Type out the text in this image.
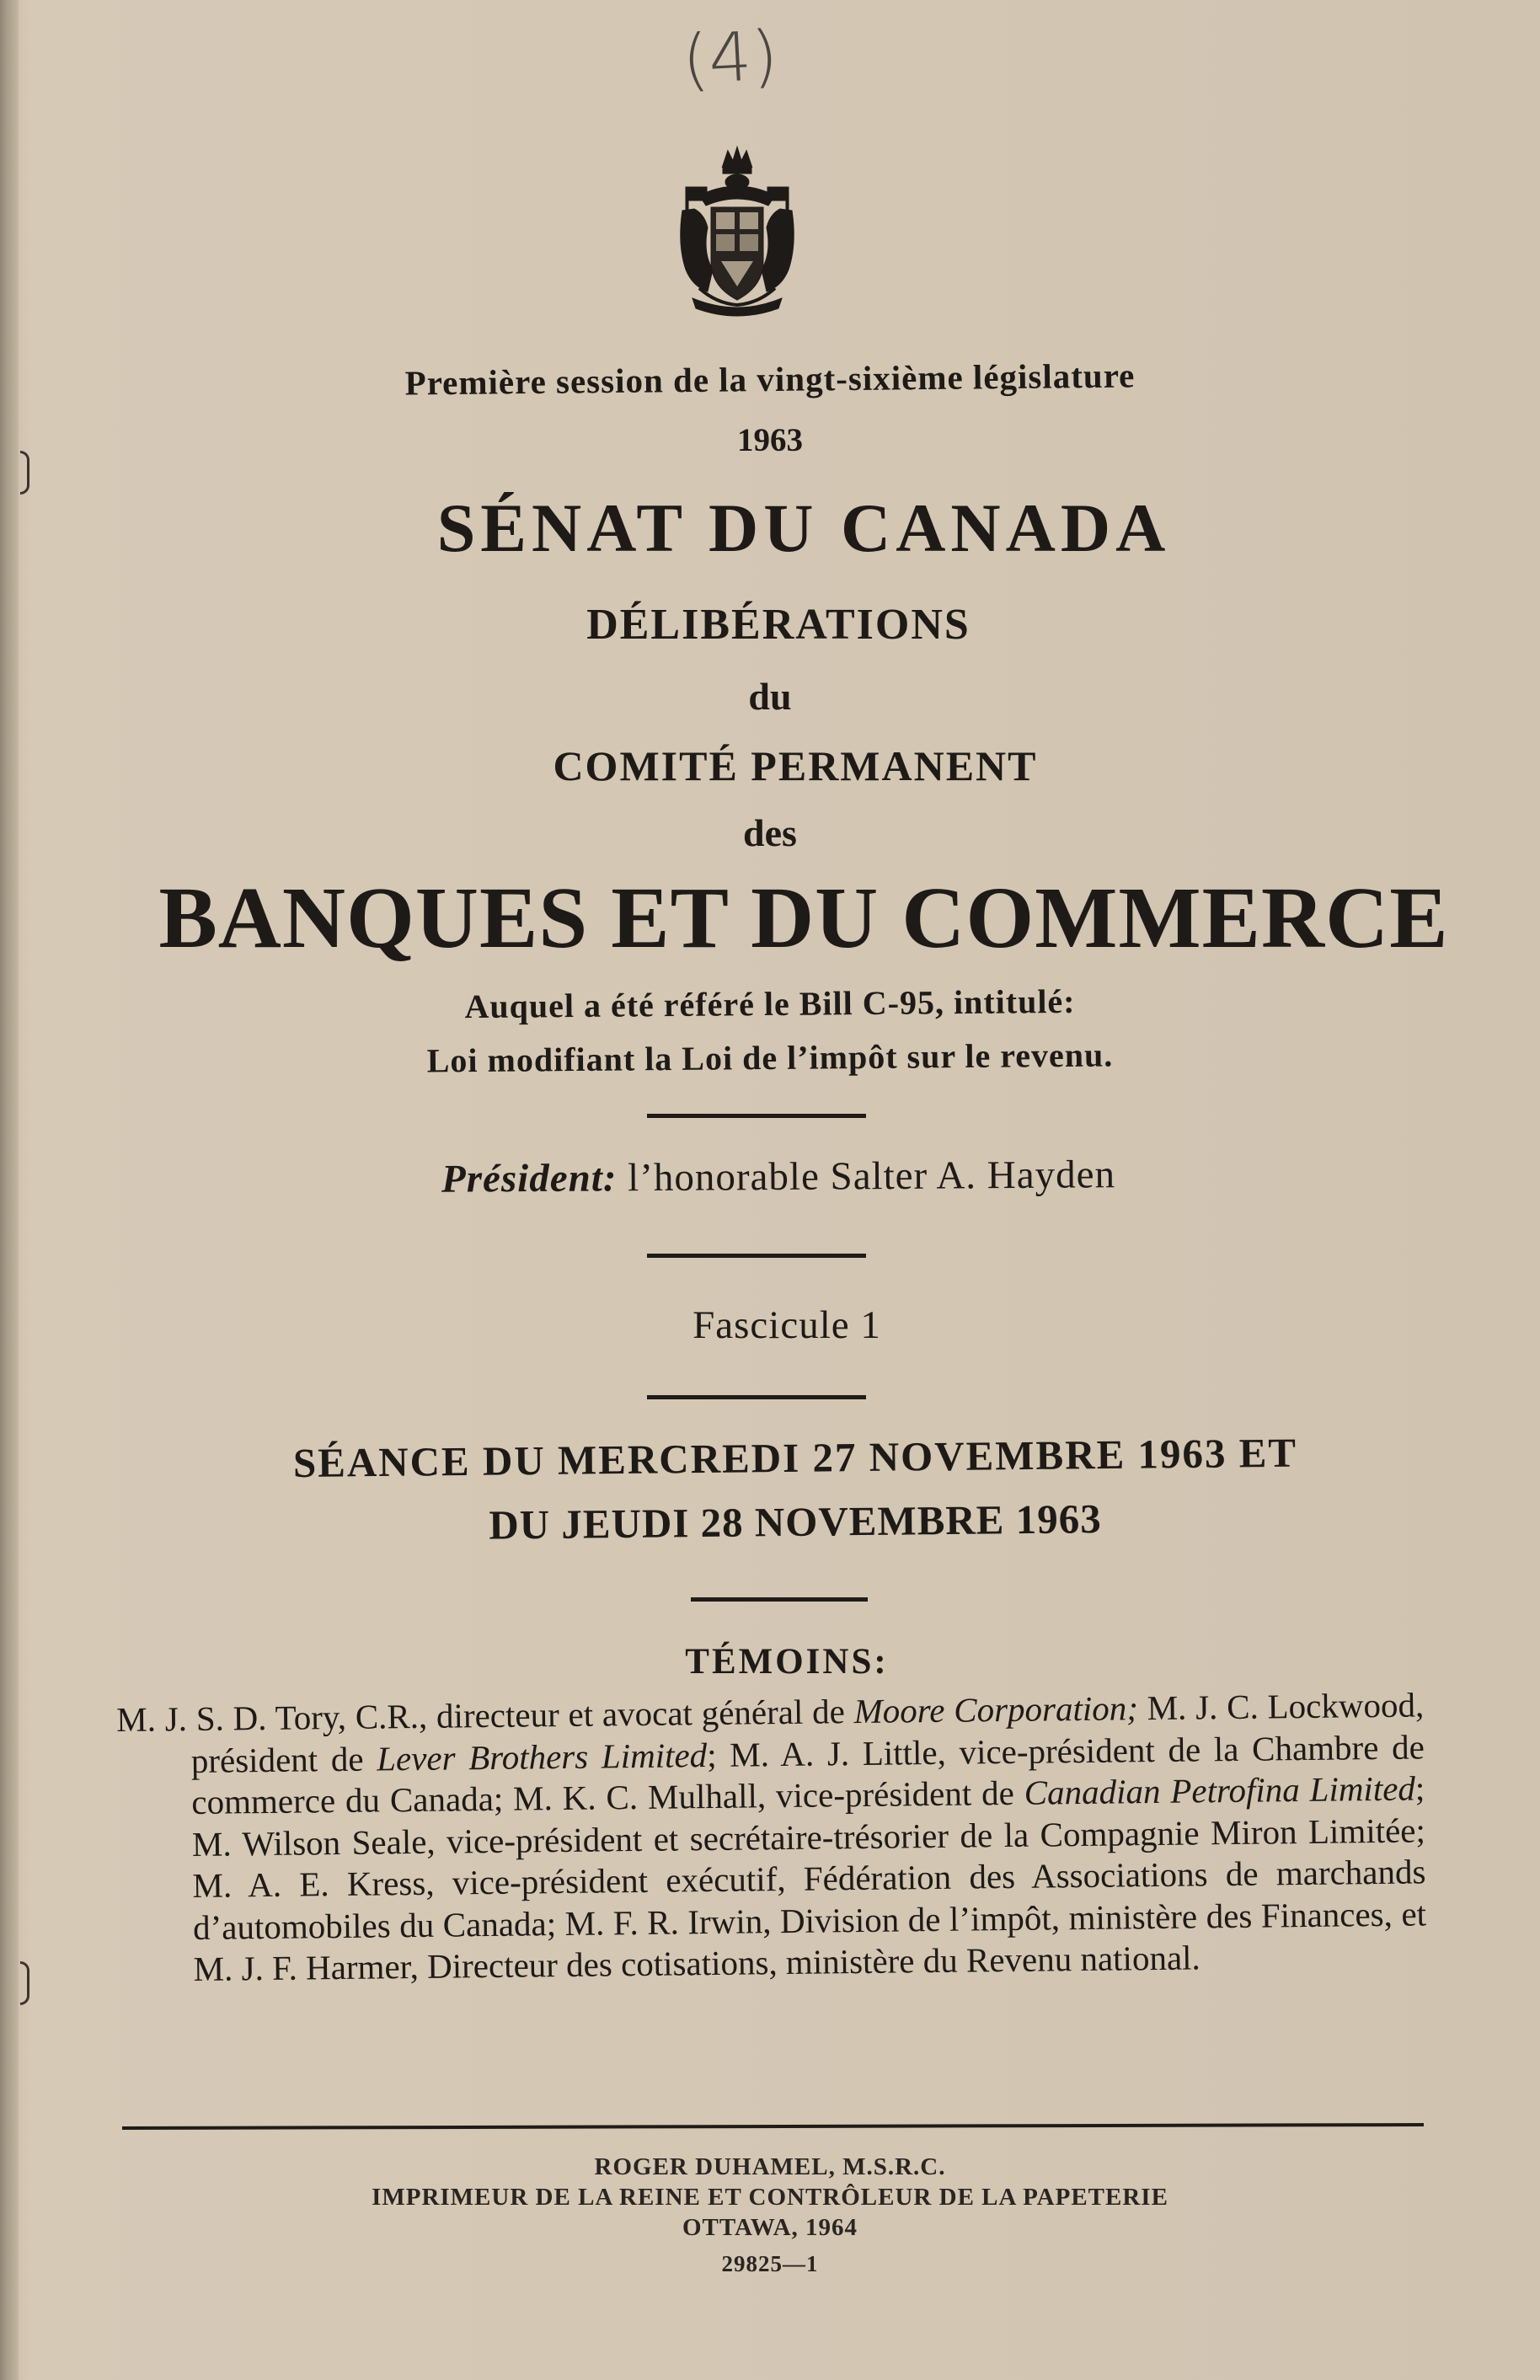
(4)
Première session de la vingt-sixième législature
1963
SÉNAT DU CANADA
DÉLIBÉRATIONS
du
COMITÉ PERMANENT
des
BANQUES ET DU COMMERCE
Auquel a été référé le Bill C-95, intitulé:
Loi modifiant la Loi de l’impôt sur le revenu.
Président: l’honorable Salter A. Hayden
Fascicule 1
SÉANCE DU MERCREDI 27 NOVEMBRE 1963 ET
DU JEUDI 28 NOVEMBRE 1963
TÉMOINS:
M. J. S. D. Tory, C.R., directeur et avocat général de Moore Corporation; M. J. C. Lockwood, président de Lever Brothers Limited; M. A. J. Little, vice-président de la Chambre de commerce du Canada; M. K. C. Mulhall, vice-président de Canadian Petrofina Limited; M. Wilson Seale, vice-président et secrétaire-trésorier de la Compagnie Miron Limitée; M. A. E. Kress, vice-président exécutif, Fédération des Associations de marchands d’automobiles du Canada; M. F. R. Irwin, Division de l’impôt, ministère des Finances, et M. J. F. Harmer, Directeur des cotisations, ministère du Revenu national.
ROGER DUHAMEL, M.S.R.C.
IMPRIMEUR DE LA REINE ET CONTRÔLEUR DE LA PAPETERIE
OTTAWA, 1964
29825—1
